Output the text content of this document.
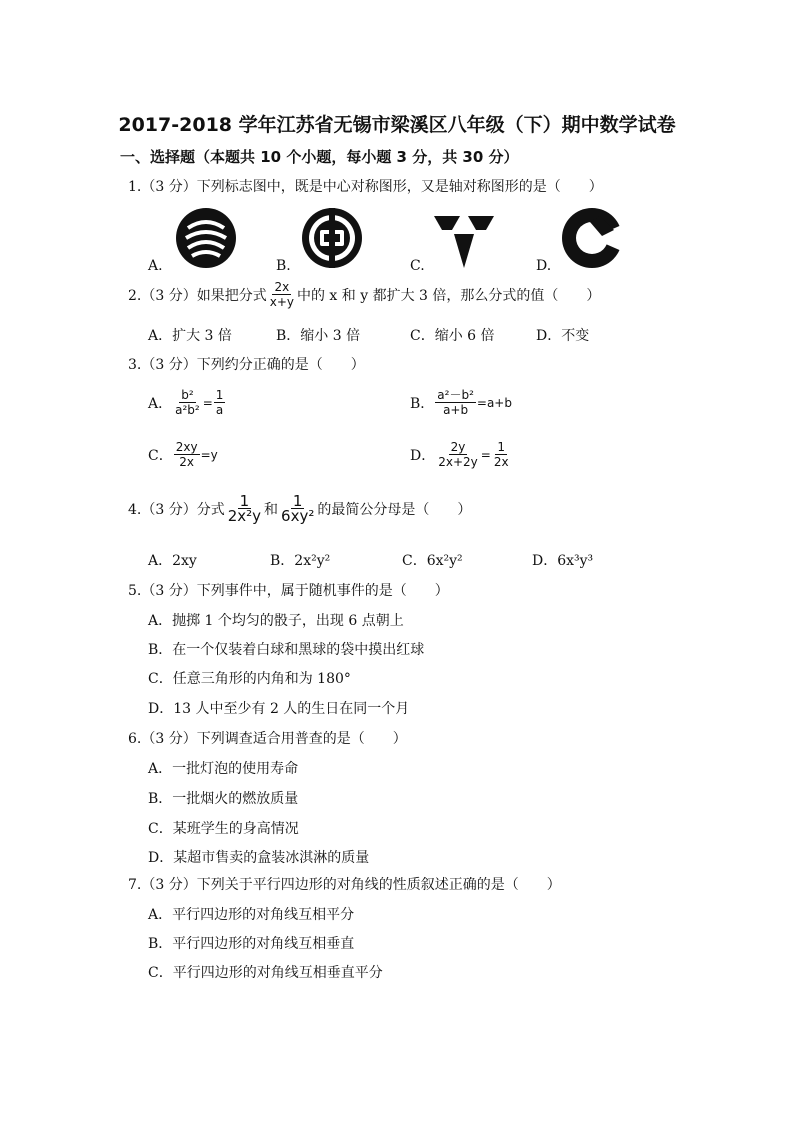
2017-2018 学年江苏省无锡市梁溪区八年级（下）期中数学试卷
一、选择题（本题共 10 个小题，每小题 3 分，共 30 分）
1.（3 分）下列标志图中，既是中心对称图形，又是轴对称图形的是（　　）
A.	B.	C.	D.
2.（3 分）如果把分式 $\frac{2x}{x+y}$ 中的 x 和 y 都扩大 3 倍，那么分式的值（　　）
A．扩大 3 倍	B．缩小 3 倍	C．缩小 6 倍	D．不变
3.（3 分）下列约分正确的是（　　）
A． $\frac{\text{b²}}{\text{a²b²}} = \frac{1}{a}$	B． $\frac{\text{a²－b²}}{a+b} =a+b$
C． $\frac{2xy}{2x} =y$	D． $\frac{2y}{2x+2y} = \frac{1}{2x}$
4.（3 分）分式 $\frac{1}{\text{2x²y}}$ 和 $\frac{1}{\text{6xy²}}$ 的最简公分母是（　　）
A．2xy	B．2x²y²	C．6x²y²	D．6x³y³
5.（3 分）下列事件中，属于随机事件的是（　　）
A．抛掷 1 个均匀的骰子，出现 6 点朝上
B．在一个仅装着白球和黑球的袋中摸出红球
C．任意三角形的内角和为 180°
D．13 人中至少有 2 人的生日在同一个月
6.（3 分）下列调查适合用普查的是（　　）
A．一批灯泡的使用寿命
B．一批烟火的燃放质量
C．某班学生的身高情况
D．某超市售卖的盒装冰淇淋的质量
7.（3 分）下列关于平行四边形的对角线的性质叙述正确的是（　　）
A．平行四边形的对角线互相平分
B．平行四边形的对角线互相垂直
C．平行四边形的对角线互相垂直平分
